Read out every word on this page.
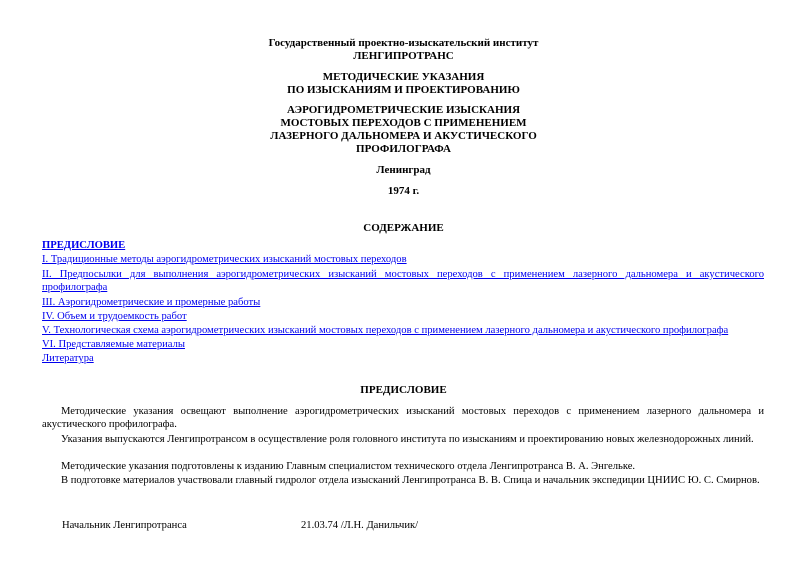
Государственный проектно-изыскательский институт
ЛЕНГИПРОТРАНС
МЕТОДИЧЕСКИЕ УКАЗАНИЯ
ПО ИЗЫСКАНИЯМ И ПРОЕКТИРОВАНИЮ
АЭРОГИДРОМЕТРИЧЕСКИЕ ИЗЫСКАНИЯ
МОСТОВЫХ ПЕРЕХОДОВ С ПРИМЕНЕНИЕМ
ЛАЗЕРНОГО ДАЛЬНОМЕРА И АКУСТИЧЕСКОГО
ПРОФИЛОГРАФА
Ленинград
1974 г.
СОДЕРЖАНИЕ
ПРЕДИСЛОВИЕ
I. Традиционные методы аэрогидрометрических изысканий мостовых переходов
II. Предпосылки для выполнения аэрогидрометрических изысканий мостовых переходов с применением лазерного дальномера и акустического
профилографа
III. Аэрогидрометрические и промерные работы
IV. Объем и трудоемкость работ
V. Технологическая схема аэрогидрометрических изысканий мостовых переходов с применением лазерного дальномера и акустического профилографа
VI. Представляемые материалы
Литература
ПРЕДИСЛОВИЕ
Методические указания освещают выполнение аэрогидрометрических изысканий мостовых переходов с применением лазерного дальномера и акустического профилографа.
Указания выпускаются Ленгипротрансом в осуществление роля головного института по изысканиям и проектированию новых железнодорожных линий.
Методические указания подготовлены к изданию Главным специалистом технического отдела Ленгипротранса В. А. Энгельке.
В подготовке материалов участвовали главный гидролог отдела изысканий Ленгипротранса В. В. Спица и начальник экспедиции ЦНИИС Ю. С. Смирнов.
Начальник Ленгипротранса	21.03.74 /Л.Н. Данильчик/
